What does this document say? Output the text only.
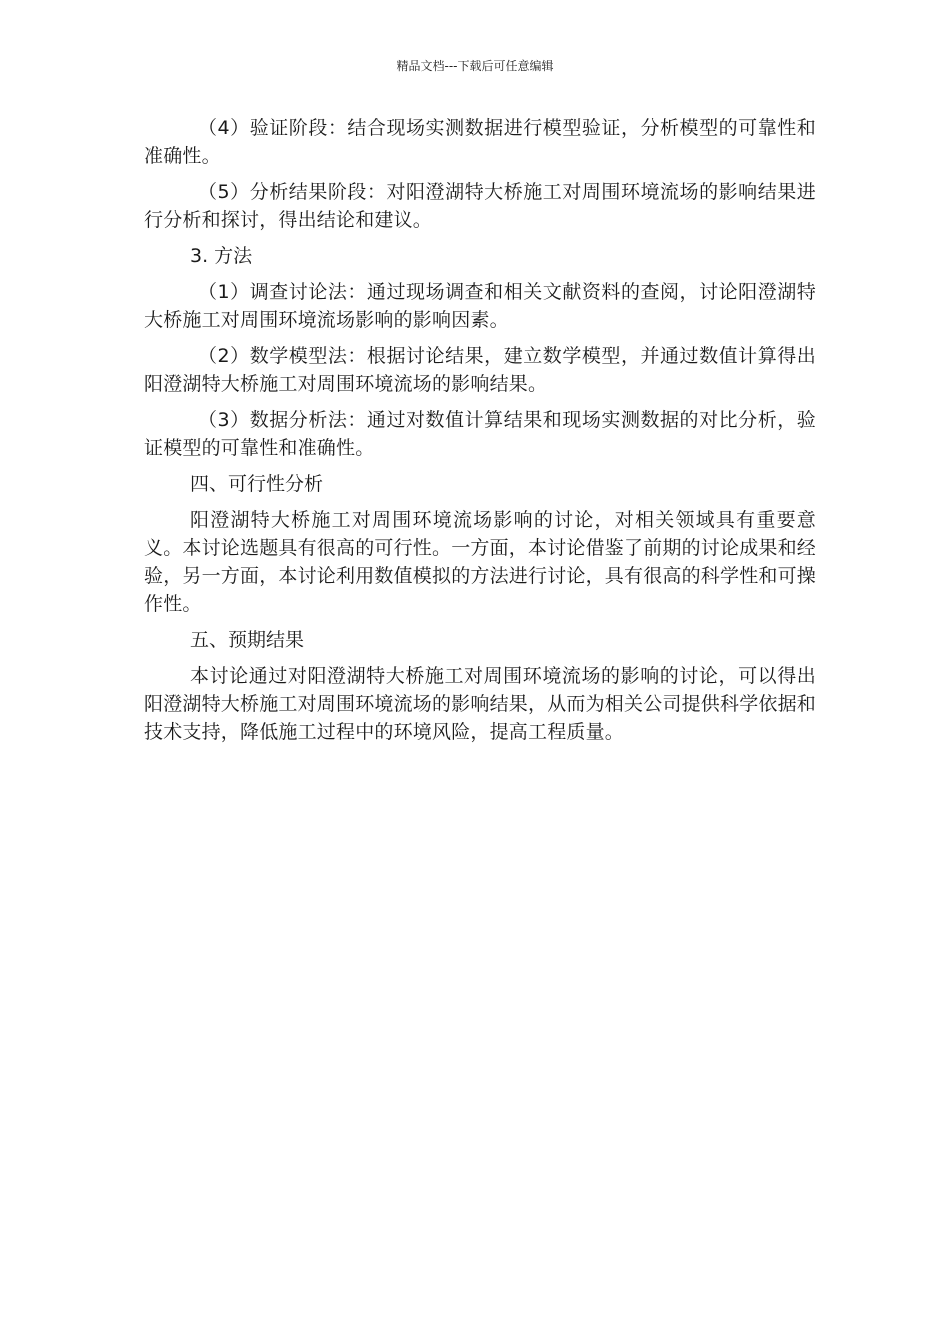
精品文档---下载后可任意编辑

（4）验证阶段：结合现场实测数据进行模型验证，分析模型的可靠性和准确性。

（5）分析结果阶段：对阳澄湖特大桥施工对周围环境流场的影响结果进行分析和探讨，得出结论和建议。

3. 方法

（1）调查讨论法：通过现场调查和相关文献资料的查阅，讨论阳澄湖特大桥施工对周围环境流场影响的影响因素。

（2）数学模型法：根据讨论结果，建立数学模型，并通过数值计算得出阳澄湖特大桥施工对周围环境流场的影响结果。

（3）数据分析法：通过对数值计算结果和现场实测数据的对比分析，验证模型的可靠性和准确性。

四、可行性分析

阳澄湖特大桥施工对周围环境流场影响的讨论，对相关领域具有重要意义。本讨论选题具有很高的可行性。一方面，本讨论借鉴了前期的讨论成果和经验，另一方面，本讨论利用数值模拟的方法进行讨论，具有很高的科学性和可操作性。

五、预期结果

本讨论通过对阳澄湖特大桥施工对周围环境流场的影响的讨论，可以得出阳澄湖特大桥施工对周围环境流场的影响结果，从而为相关公司提供科学依据和技术支持，降低施工过程中的环境风险，提高工程质量。
